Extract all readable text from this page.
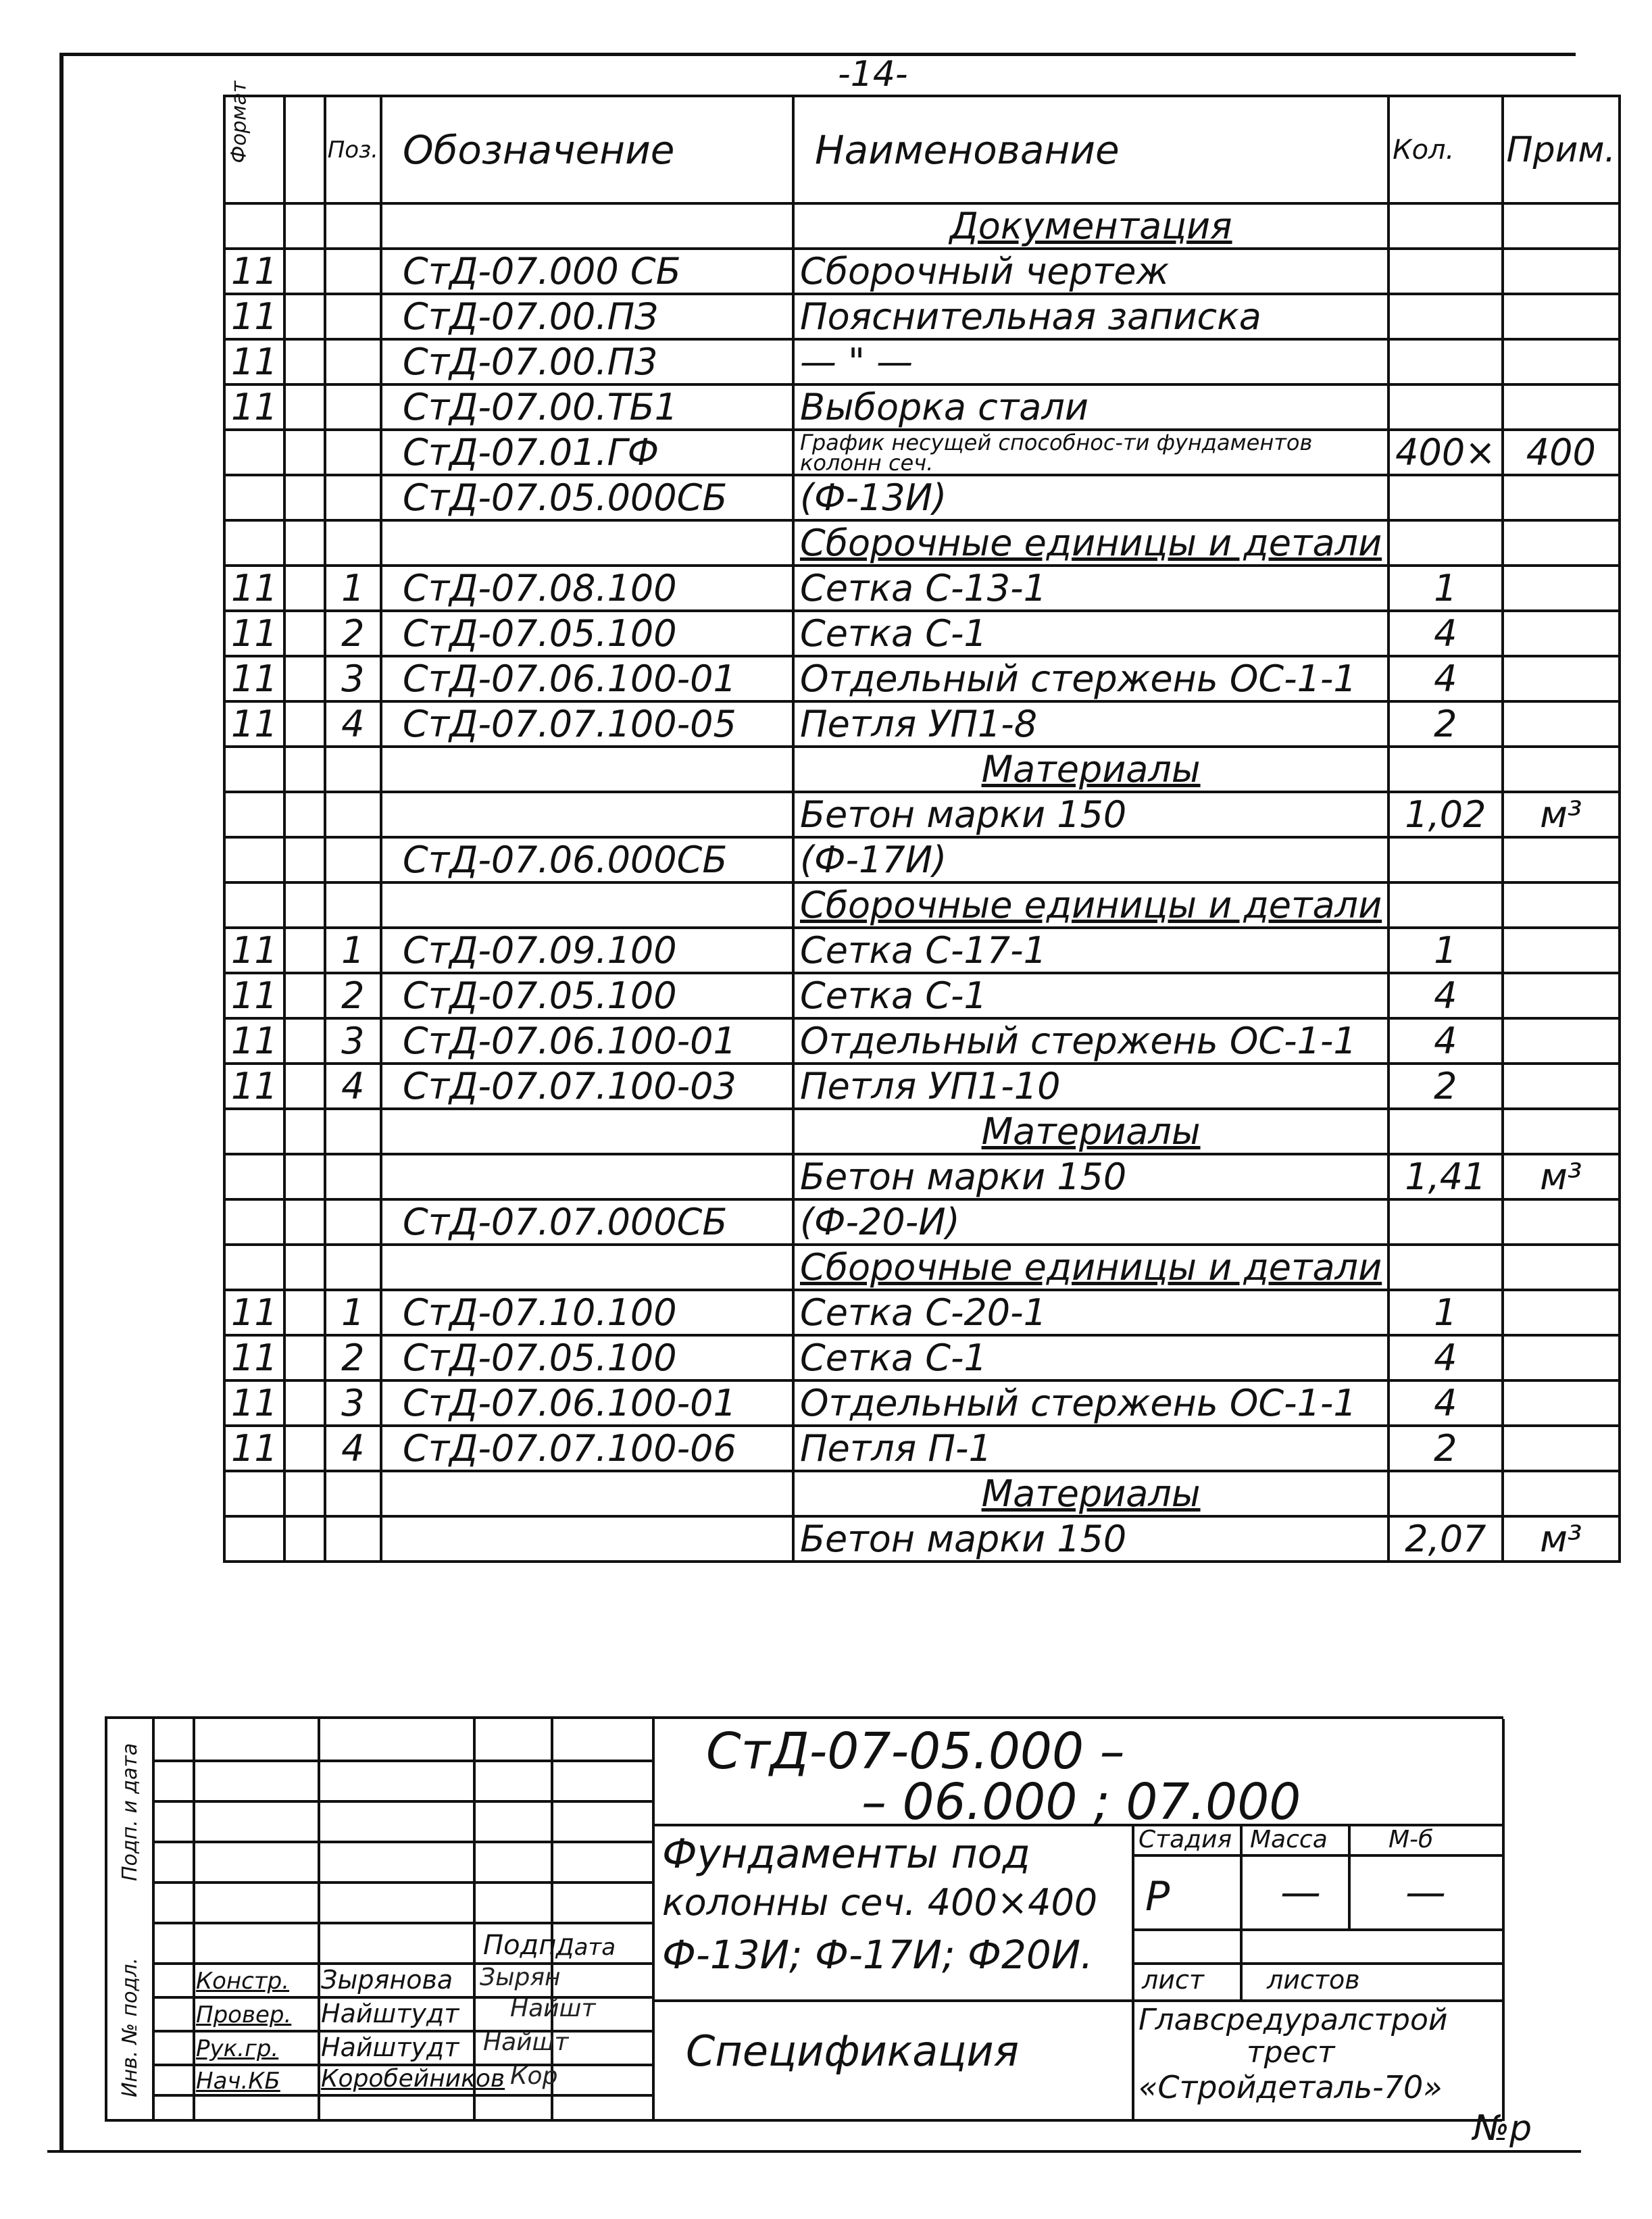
-14-
Формат		Поз.	Обозначение	Наименование	Кол.	Прим.
				Документация		
11			СтД-07.000 СБ	Сборочный чертеж		
11			СтД-07.00.ПЗ	Пояснительная записка		
11			СтД-07.00.П3	— " —		
11			СтД-07.00.ТБ1	Выборка стали		
			СтД-07.01.ГФ	График несущей способнос-ти фундаментов колонн сеч.	400×	400
			СтД-07.05.000СБ	(Ф-13И)		
				Сборочные единицы и детали		
11		1	СтД-07.08.100	Сетка С-13-1	1	
11		2	СтД-07.05.100	Сетка С-1	4	
11		3	СтД-07.06.100-01	Отдельный стержень ОС-1-1	4	
11		4	СтД-07.07.100-05	Петля УП1-8	2	
				Материалы		
				Бетон марки 150	1,02	м³
			СтД-07.06.000СБ	(Ф-17И)		
				Сборочные единицы и детали		
11		1	СтД-07.09.100	Сетка С-17-1	1	
11		2	СтД-07.05.100	Сетка С-1	4	
11		3	СтД-07.06.100-01	Отдельный стержень ОС-1-1	4	
11		4	СтД-07.07.100-03	Петля УП1-10	2	
				Материалы		
				Бетон марки 150	1,41	м³
			СтД-07.07.000СБ	(Ф-20-И)		
				Сборочные единицы и детали		
11		1	СтД-07.10.100	Сетка С-20-1	1	
11		2	СтД-07.05.100	Сетка С-1	4	
11		3	СтД-07.06.100-01	Отдельный стержень ОС-1-1	4	
11		4	СтД-07.07.100-06	Петля П-1	2	
				Материалы		
				Бетон марки 150	2,07	м³
Подп. и дата
Инв. № подл.
Подп.
Дата
Констр. Зырянова Зырян
Провер. Найштудт Найшт
Рук.гр. Найштудт Найшт
Нач.КБ Коробейников Кор
СтД-07-05.000 –
– 06.000 ; 07.000
Фундаменты под
колонны сеч. 400×400
Ф-13И; Ф-17И; Ф20И.
Стадия Масса	М-б
Р	— —
лист листов
Спецификация
Главсредуралстрой
трест
«Стройдеталь-70»
№р
